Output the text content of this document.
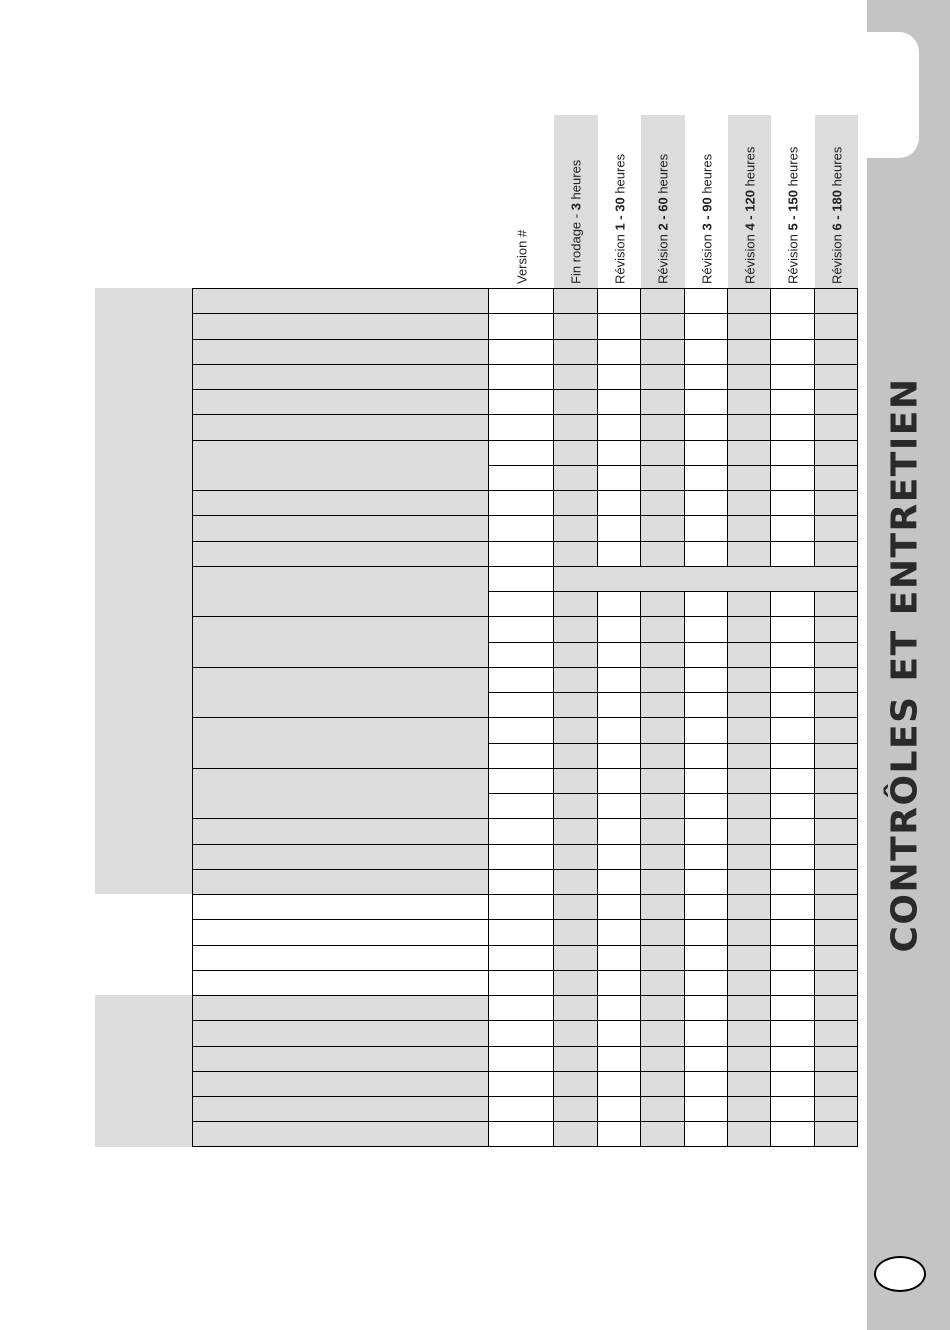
CONTRÔLES ET ENTRETIEN
Version #	Fin rodage - 3 heures
Révision 1 - 30 heures
Révision 2 - 60 heures
Révision 3 - 90 heures
Révision 4 - 120 heures
Révision 5 - 150 heures
Révision 6 - 180 heures
